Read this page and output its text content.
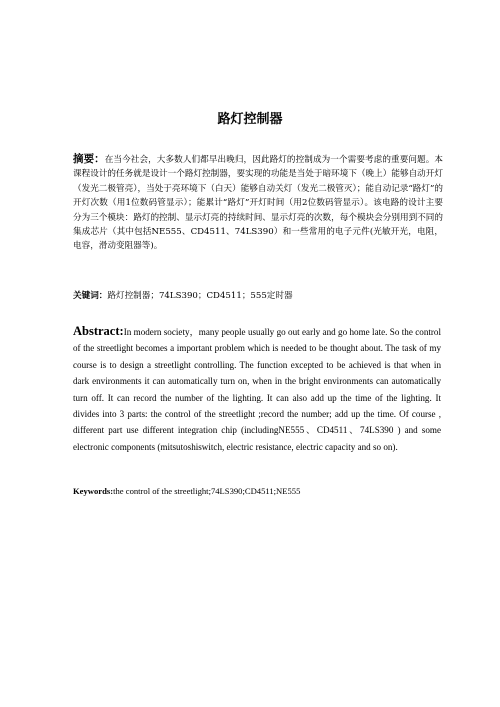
路灯控制器

摘要：在当今社会，大多数人们都早出晚归，因此路灯的控制成为一个需要考虑的重要问题。本课程设计的任务就是设计一个路灯控制器，要实现的功能是当处于暗环境下（晚上）能够自动开灯（发光二极管亮），当处于亮环境下（白天）能够自动关灯（发光二极管灭）；能自动记录“路灯”的开灯次数（用1位数码管显示）；能累计“路灯”开灯时间（用2位数码管显示）。该电路的设计主要分为三个模块：路灯的控制、显示灯亮的持续时间、显示灯亮的次数，每个模块会分别用到不同的集成芯片（其中包括NE555、CD4511、74LS390）和一些常用的电子元件(光敏开光，电阻，电容，滑动变阻器等)。

关键词：路灯控制器；74LS390；CD4511；555定时器

Abstract:In modern society，many people usually go out early and go home late. So the control of the streetlight becomes a important problem which is needed to be thought about. The task of my course is to design a streetlight controlling. The function excepted to be achieved is that when in dark environments it can automatically turn on, when in the bright environments can automatically turn off. It can record the number of the lighting. It can also add up the time of the lighting. It divides into 3 parts: the control of the streetlight ;record the number; add up the time. Of course , different part use different integration chip (includingNE555、CD4511、74LS390 ) and some electronic components (mitsutoshiswitch, electric resistance, electric capacity and so on).

Keywords:the control of the streetlight;74LS390;CD4511;NE555
